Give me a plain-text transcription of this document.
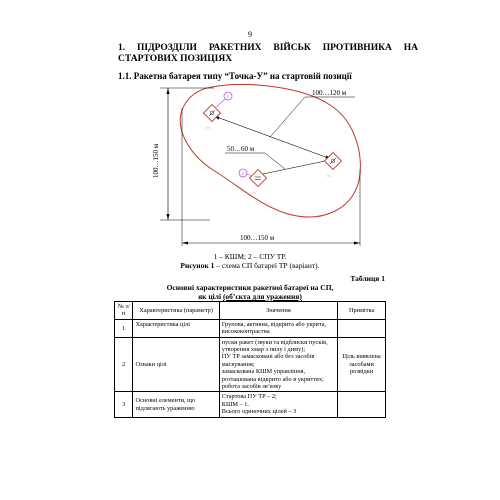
9
1. ПІДРОЗДІЛИ РАКЕТНИХ ВІЙСЬК ПРОТИВНИКА НА
СТАРТОВИХ ПОЗИЦІЯХ
1.1. Ракетна батарея типу “Точка-У” на стартовій позиції
100…150 м
100…150 м
100…120 м
50…60 м
▫▫▫
1
▫▫▫
▫▫▫
2
1 – КШМ; 2 – СПУ ТР.
Рисунок 1 – схема СП батареї ТР (варіант).
Таблиця 1
Основні характеристики ракетної батареї на СП,
як цілі (об’єкта для ураження)
№ з/п	Характеристика (параметр)	Значення	Примітка
1	Характеристика цілі	Групова, активна, відкрита або укрита, висококонтрастна	

2	Ознаки цілі	пуски ракет (звуки та відблиски пусків, утворення хмар з пилу і диму);
ПУ ТР замасковані або без засобів маскування;
замаскована КШМ управління, розташована відкрито або в укриттях;
робота засобів зв’язку	Ціль виявлена засобами розвідки
3	Основні елементи, що підлягають ураженню	Стартова ПУ ТР – 2;
КШМ – 1.
Всього одиночних цілей – 3	
